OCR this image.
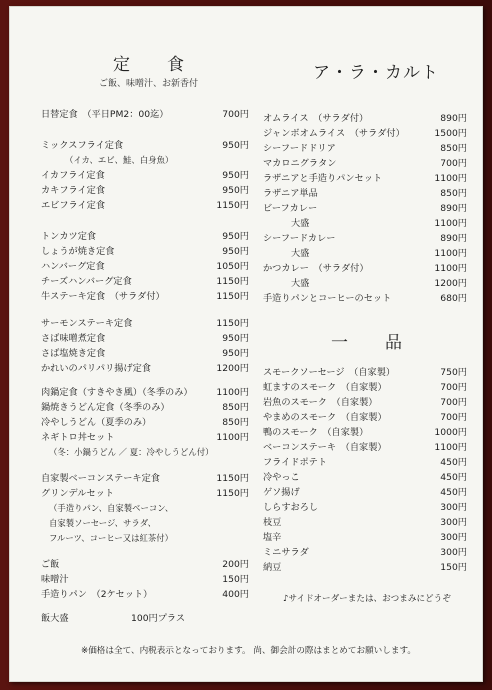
定　食
ご飯、味噌汁、お新香付
日替定食　（平日PM2：00迄）	700円
ミックスフライ定食	950円
（イカ、エビ、鮭、白身魚）
イカフライ定食	950円
カキフライ定食	950円
エビフライ定食	1150円
トンカツ定食	950円
しょうが焼き定食	950円
ハンバーグ定食	1050円
チーズハンバーグ定食	1150円
牛ステーキ定食　（サラダ付）	1150円
サーモンステーキ定食	1150円
さば味噌煮定食	950円
さば塩焼き定食	950円
かれいのパリパリ揚げ定食	1200円
肉鍋定食（すきやき風）（冬季のみ）	1100円
鍋焼きうどん定食（冬季のみ）	850円
冷やしうどん（夏季のみ）	850円
ネギトロ丼セット	1100円
（冬：小鍋うどん ／ 夏：冷やしうどん付）
自家製ベーコンステーキ定食	1150円
グリンデルセット	1150円
（手造りパン、自家製ベーコン、
自家製ソーセージ、サラダ、
フルーツ、コーヒー又は紅茶付）
ご飯	200円
味噌汁	150円
手造りパン　（2ケセット）	400円
飯大盛	100円プラス
ア・ラ・カルト
オムライス　（サラダ付）	890円
ジャンボオムライス　（サラダ付）	1500円
シーフードドリア	850円
マカロニグラタン	700円
ラザニアと手造りパンセット	1100円
ラザニア単品	850円
ビーフカレー	890円
大盛	1100円
シーフードカレー	890円
大盛	1100円
かつカレー　（サラダ付）	1100円
大盛	1200円
手造りパンとコーヒーのセット	680円
一　品
スモークソーセージ　（自家製）	750円
虹ますのスモーク　（自家製）	700円
岩魚のスモーク　（自家製）	700円
やまめのスモーク　（自家製）	700円
鴨のスモーク　（自家製）	1000円
ベーコンステーキ　（自家製）	1100円
フライドポテト	450円
冷やっこ	450円
ゲソ揚げ	450円
しらすおろし	300円
枝豆	300円
塩辛	300円
ミニサラダ	300円
納豆	150円
♪サイドオーダーまたは、おつまみにどうぞ
※価格は全て、内税表示となっております。 尚、御会計の際はまとめてお願いします。
